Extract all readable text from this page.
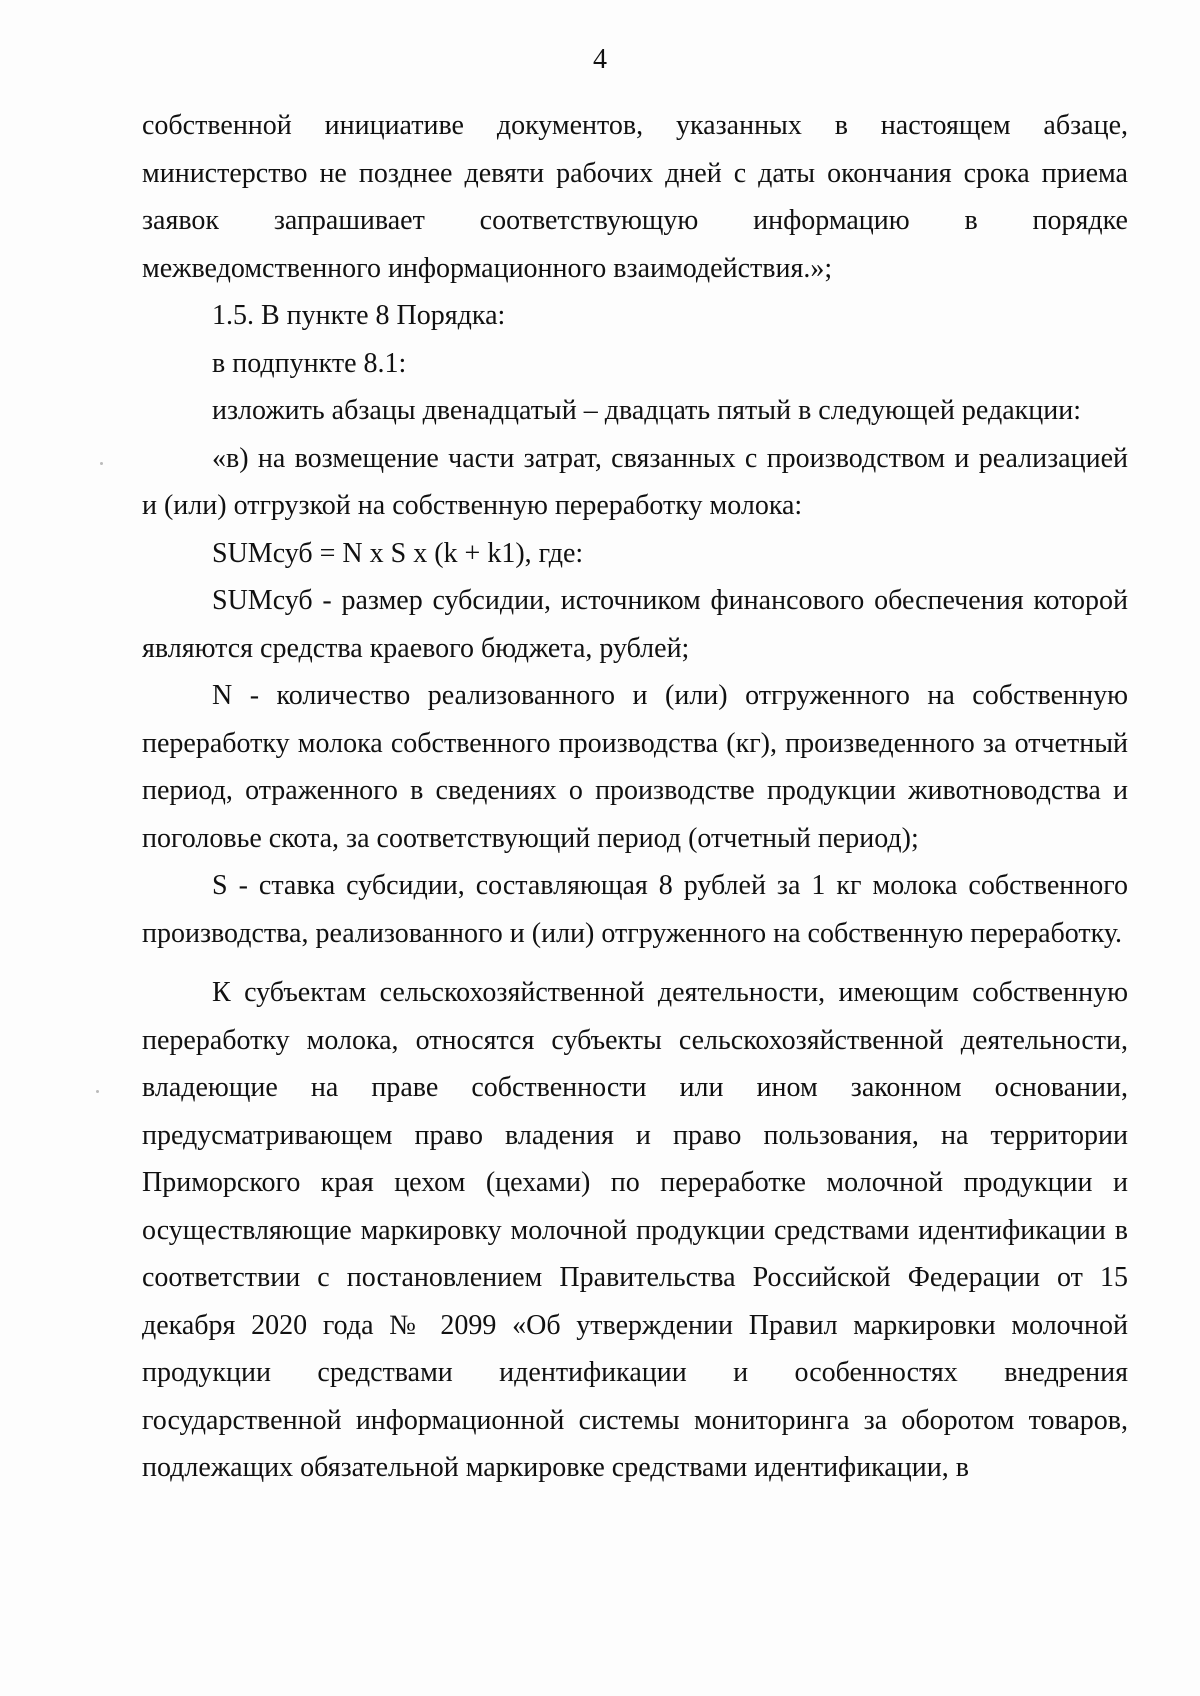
4

собственной инициативе документов, указанных в настоящем абзаце, министерство не позднее девяти рабочих дней с даты окончания срока приема заявок запрашивает соответствующую информацию в порядке межведомственного информационного взаимодействия.»;

1.5. В пункте 8 Порядка:

в подпункте 8.1:

изложить абзацы двенадцатый – двадцать пятый в следующей редакции:

«в) на возмещение части затрат, связанных с производством и реализацией и (или) отгрузкой на собственную переработку молока:

SUMсуб = N x S x (k + k1), где:

SUMсуб - размер субсидии, источником финансового обеспечения которой являются средства краевого бюджета, рублей;

N - количество реализованного и (или) отгруженного на собственную переработку молока собственного производства (кг), произведенного за отчетный период, отраженного в сведениях о производстве продукции животноводства и поголовье скота, за соответствующий период (отчетный период);

S - ставка субсидии, составляющая 8 рублей за 1 кг молока собственного производства, реализованного и (или) отгруженного на собственную переработку.

К субъектам сельскохозяйственной деятельности, имеющим собственную переработку молока, относятся субъекты сельскохозяйственной деятельности, владеющие на праве собственности или ином законном основании, предусматривающем право владения и право пользования, на территории Приморского края цехом (цехами) по переработке молочной продукции и осуществляющие маркировку молочной продукции средствами идентификации в соответствии с постановлением Правительства Российской Федерации от 15 декабря 2020 года № 2099 «Об утверждении Правил маркировки молочной продукции средствами идентификации и особенностях внедрения государственной информационной системы мониторинга за оборотом товаров, подлежащих обязательной маркировке средствами идентификации, в
